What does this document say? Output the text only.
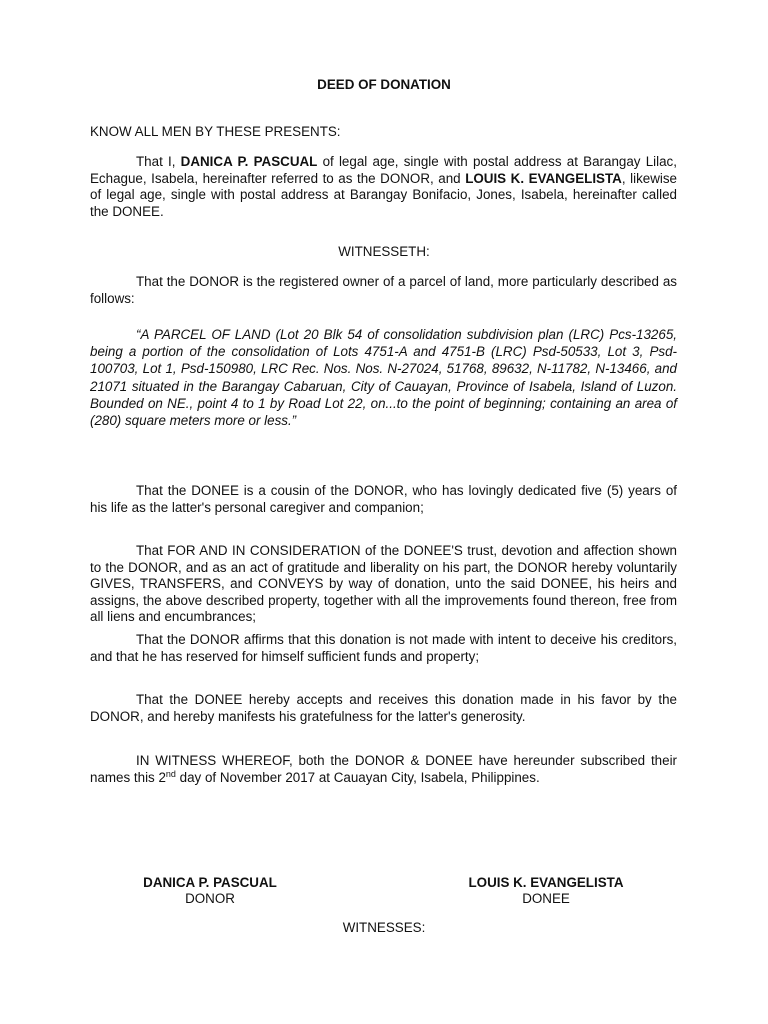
DEED OF DONATION

KNOW ALL MEN BY THESE PRESENTS:

That I, DANICA P. PASCUAL of legal age, single with postal address at Barangay Lilac, Echague, Isabela, hereinafter referred to as the DONOR, and LOUIS K. EVANGELISTA, likewise of legal age, single with postal address at Barangay Bonifacio, Jones, Isabela, hereinafter called the DONEE.

WITNESSETH:

That the DONOR is the registered owner of a parcel of land, more particularly described as follows:

“A PARCEL OF LAND (Lot 20 Blk 54 of consolidation subdivision plan (LRC) Pcs-13265, being a portion of the consolidation of Lots 4751-A and 4751-B (LRC) Psd-50533, Lot 3, Psd-100703, Lot 1, Psd-150980, LRC Rec. Nos. Nos. N-27024, 51768, 89632, N-11782, N-13466, and 21071 situated in the Barangay Cabaruan, City of Cauayan, Province of Isabela, Island of Luzon. Bounded on NE., point 4 to 1 by Road Lot 22, on...to the point of beginning; containing an area of (280) square meters more or less.”

That the DONEE is a cousin of the DONOR, who has lovingly dedicated five (5) years of his life as the latter's personal caregiver and companion;

That FOR AND IN CONSIDERATION of the DONEE'S trust, devotion and affection shown to the DONOR, and as an act of gratitude and liberality on his part, the DONOR hereby voluntarily GIVES, TRANSFERS, and CONVEYS by way of donation, unto the said DONEE, his heirs and assigns, the above described property, together with all the improvements found thereon, free from all liens and encumbrances;

That the DONOR affirms that this donation is not made with intent to deceive his creditors, and that he has reserved for himself sufficient funds and property;

That the DONEE hereby accepts and receives this donation made in his favor by the DONOR, and hereby manifests his gratefulness for the latter's generosity.

IN WITNESS WHEREOF, both the DONOR & DONEE have hereunder subscribed their names this 2nd day of November 2017 at Cauayan City, Isabela, Philippines.

DANICA P. PASCUAL
DONOR
LOUIS K. EVANGELISTA
DONEE
WITNESSES:
